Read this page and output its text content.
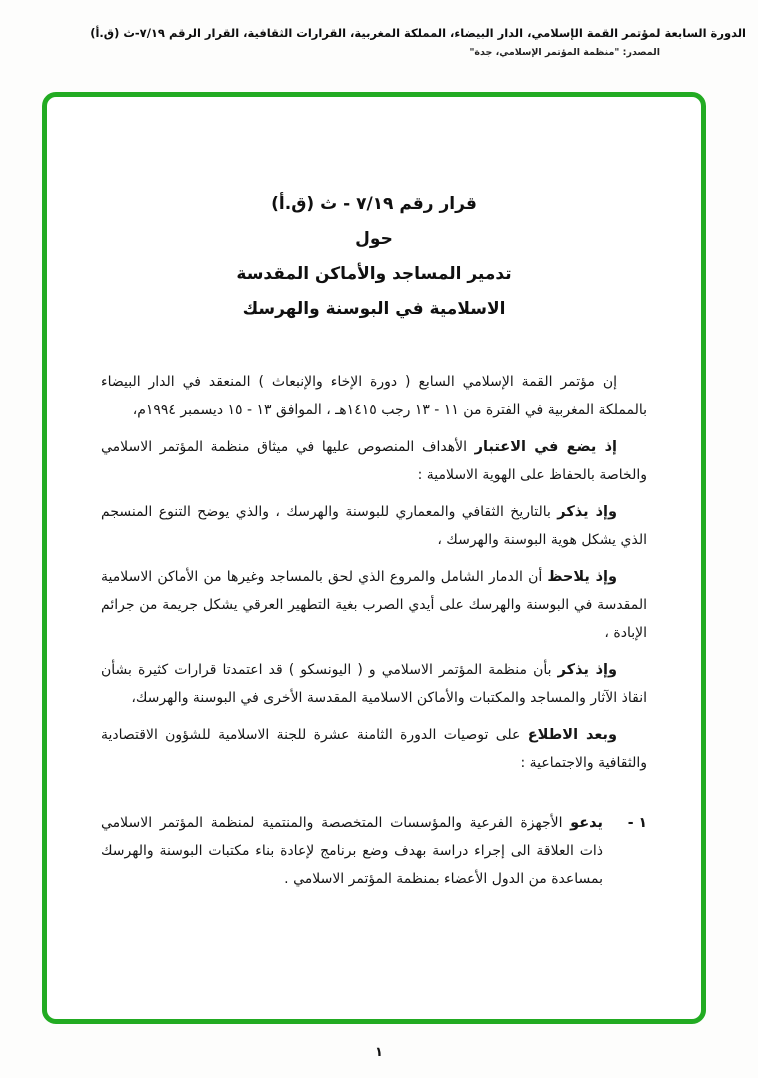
الدورة السابعة لمؤتمر القمة الإسلامي، الدار البيضاء، المملكة المغربية، القرارات الثقافية، القرار الرقم ٧/١٩-ث (ق.أ)
المصدر: "منظمة المؤتمر الإسلامي، جدة"
قرار رقم ٧/١٩ - ث (ق.أ)
حول
تدمير المساجد والأماكن المقدسة
الاسلامية في البوسنة والهرسك

إن مؤتمر القمة الإسلامي السابع ( دورة الإخاء والإنبعاث ) المنعقد في الدار البيضاء بالمملكة المغربية في الفترة من ١١ - ١٣ رجب ١٤١٥هـ ، الموافق ١٣ - ١٥ ديسمبر ١٩٩٤م،

إذ يضع في الاعتبار الأهداف المنصوص عليها في ميثاق منظمة المؤتمر الاسلامي والخاصة بالحفاظ على الهوية الاسلامية :

وإذ يذكر بالتاريخ الثقافي والمعماري للبوسنة والهرسك ، والذي يوضح التنوع المنسجم الذي يشكل هوية البوسنة والهرسك ،

وإذ يلاحظ أن الدمار الشامل والمروع الذي لحق بالمساجد وغيرها من الأماكن الاسلامية المقدسة في البوسنة والهرسك على أيدي الصرب بغية التطهير العرقي يشكل جريمة من جرائم الإبادة ،

وإذ يذكر بأن منظمة المؤتمر الاسلامي و ( اليونسكو ) قد اعتمدتا قرارات كثيرة بشأن انقاذ الآثار والمساجد والمكتبات والأماكن الاسلامية المقدسة الأخرى في البوسنة والهرسك،

وبعد الاطلاع على توصيات الدورة الثامنة عشرة للجنة الاسلامية للشؤون الاقتصادية والثقافية والاجتماعية :

١ -
يدعو الأجهزة الفرعية والمؤسسات المتخصصة والمنتمية لمنظمة المؤتمر الاسلامي ذات العلاقة الى إجراء دراسة بهدف وضع برنامج لإعادة بناء مكتبات البوسنة والهرسك بمساعدة من الدول الأعضاء بمنظمة المؤتمر الاسلامي .
١
